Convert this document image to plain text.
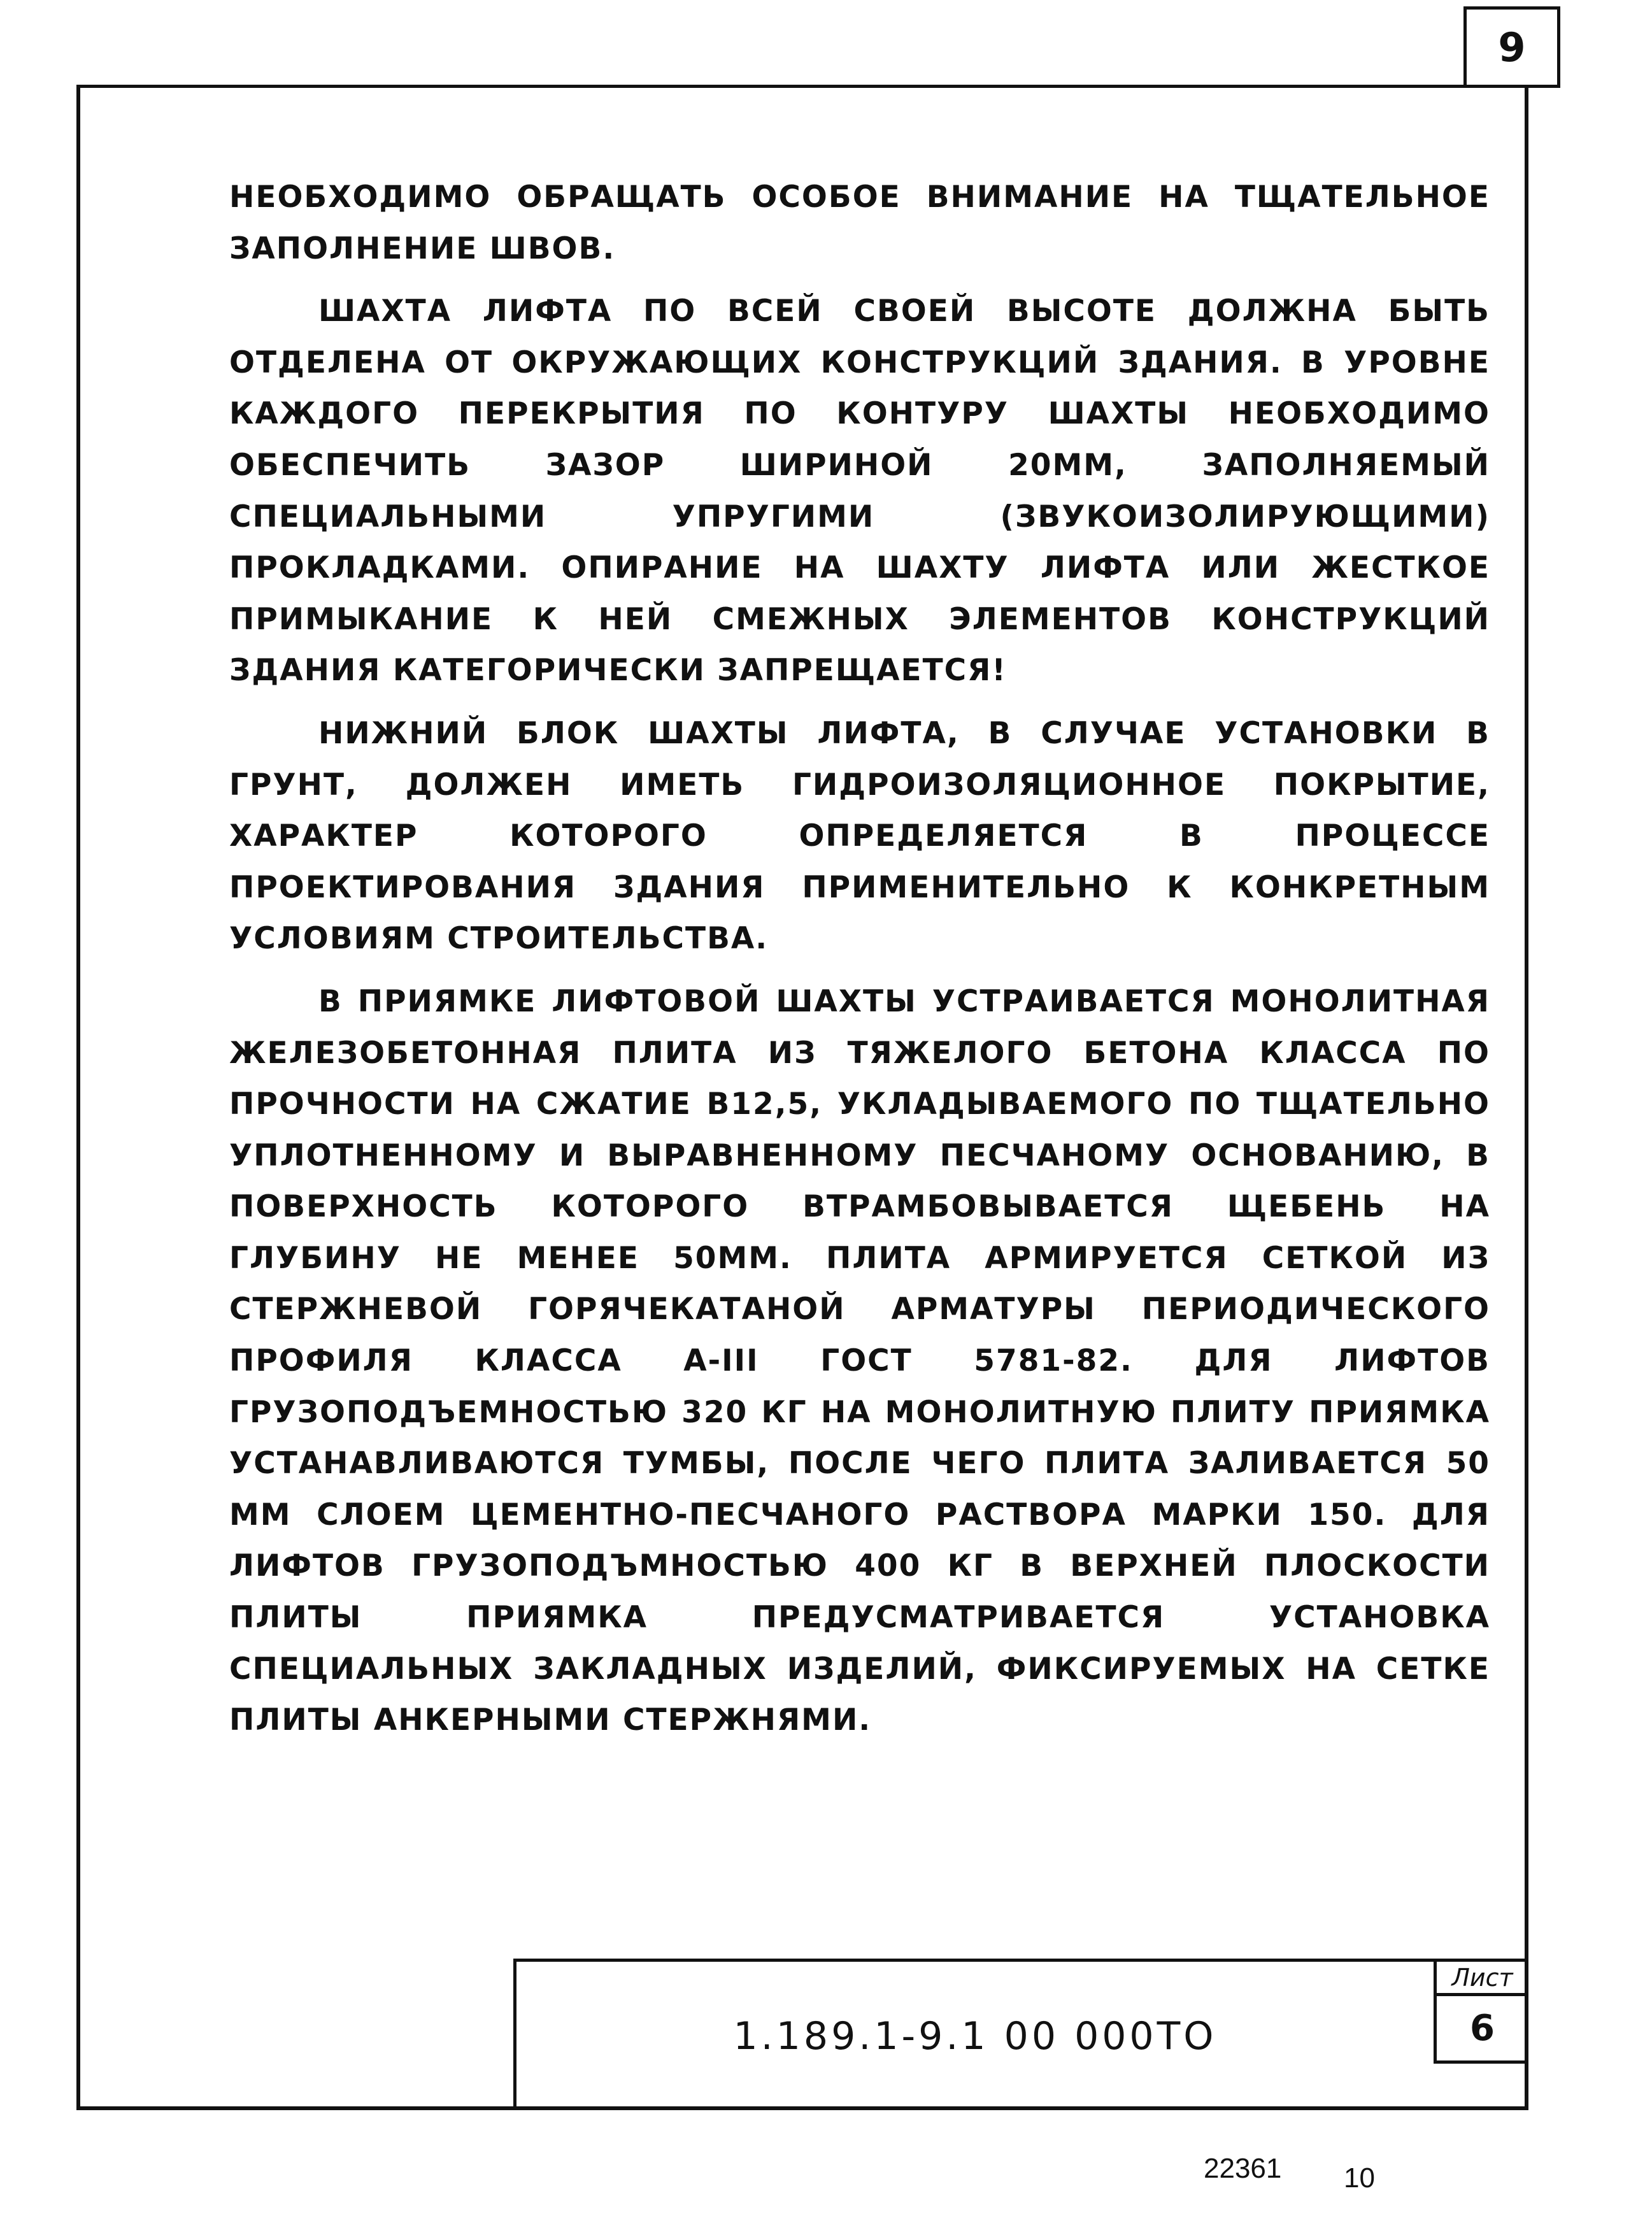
9

НЕОБХОДИМО ОБРАЩАТЬ ОСОБОЕ ВНИМАНИЕ НА ТЩАТЕЛЬНОЕ ЗАПОЛНЕНИЕ ШВОВ.

ШАХТА ЛИФТА ПО ВСЕЙ СВОЕЙ ВЫСОТЕ ДОЛЖНА БЫТЬ ОТДЕЛЕНА ОТ ОКРУЖАЮЩИХ КОНСТРУКЦИЙ ЗДАНИЯ. В УРОВНЕ КАЖДОГО ПЕРЕКРЫТИЯ ПО КОНТУРУ ШАХТЫ НЕОБХОДИМО ОБЕСПЕЧИТЬ ЗАЗОР ШИРИНОЙ 20ММ, ЗАПОЛНЯЕМЫЙ СПЕЦИАЛЬНЫМИ УПРУГИМИ (ЗВУКОИЗОЛИРУЮЩИМИ) ПРОКЛАДКАМИ. ОПИРАНИЕ НА ШАХТУ ЛИФТА ИЛИ ЖЕСТКОЕ ПРИМЫКАНИЕ К НЕЙ СМЕЖНЫХ ЭЛЕМЕНТОВ КОНСТРУКЦИЙ ЗДАНИЯ КАТЕГОРИЧЕСКИ ЗАПРЕЩАЕТСЯ!

НИЖНИЙ БЛОК ШАХТЫ ЛИФТА, В СЛУЧАЕ УСТАНОВКИ В ГРУНТ, ДОЛЖЕН ИМЕТЬ ГИДРОИЗОЛЯЦИОННОЕ ПОКРЫТИЕ, ХАРАКТЕР КОТОРОГО ОПРЕДЕЛЯЕТСЯ В ПРОЦЕССЕ ПРОЕКТИРОВАНИЯ ЗДАНИЯ ПРИМЕНИТЕЛЬНО К КОНКРЕТНЫМ УСЛОВИЯМ СТРОИТЕЛЬСТВА.

В ПРИЯМКЕ ЛИФТОВОЙ ШАХТЫ УСТРАИВАЕТСЯ МОНОЛИТНАЯ ЖЕЛЕЗОБЕТОННАЯ ПЛИТА ИЗ ТЯЖЕЛОГО БЕТОНА КЛАССА ПО ПРОЧНОСТИ НА СЖАТИЕ В12,5, УКЛАДЫВАЕМОГО ПО ТЩАТЕЛЬНО УПЛОТНЕННОМУ И ВЫРАВНЕННОМУ ПЕСЧАНОМУ ОСНОВАНИЮ, В ПОВЕРХНОСТЬ КОТОРОГО ВТРАМБОВЫВАЕТСЯ ЩЕБЕНЬ НА ГЛУБИНУ НЕ МЕНЕЕ 50ММ. ПЛИТА АРМИРУЕТСЯ СЕТКОЙ ИЗ СТЕРЖНЕВОЙ ГОРЯЧЕКАТАНОЙ АРМАТУРЫ ПЕРИОДИЧЕСКОГО ПРОФИЛЯ КЛАССА А-III ГОСТ 5781-82. ДЛЯ ЛИФТОВ ГРУЗОПОДЪЕМНОСТЬЮ 320 КГ НА МОНОЛИТНУЮ ПЛИТУ ПРИЯМКА УСТАНАВЛИВАЮТСЯ ТУМБЫ, ПОСЛЕ ЧЕГО ПЛИТА ЗАЛИВАЕТСЯ 50 ММ СЛОЕМ ЦЕМЕНТНО-ПЕСЧАНОГО РАСТВОРА МАРКИ 150. ДЛЯ ЛИФТОВ ГРУЗОПОДЪМНОСТЬЮ 400 КГ В ВЕРХНЕЙ ПЛОСКОСТИ ПЛИТЫ ПРИЯМКА ПРЕДУСМАТРИВАЕТСЯ УСТАНОВКА СПЕЦИАЛЬНЫХ ЗАКЛАДНЫХ ИЗДЕЛИЙ, ФИКСИРУЕМЫХ НА СЕТКЕ ПЛИТЫ АНКЕРНЫМИ СТЕРЖНЯМИ.

1.189.1-9.1 00 000ТО
Лист
6
22361 10
